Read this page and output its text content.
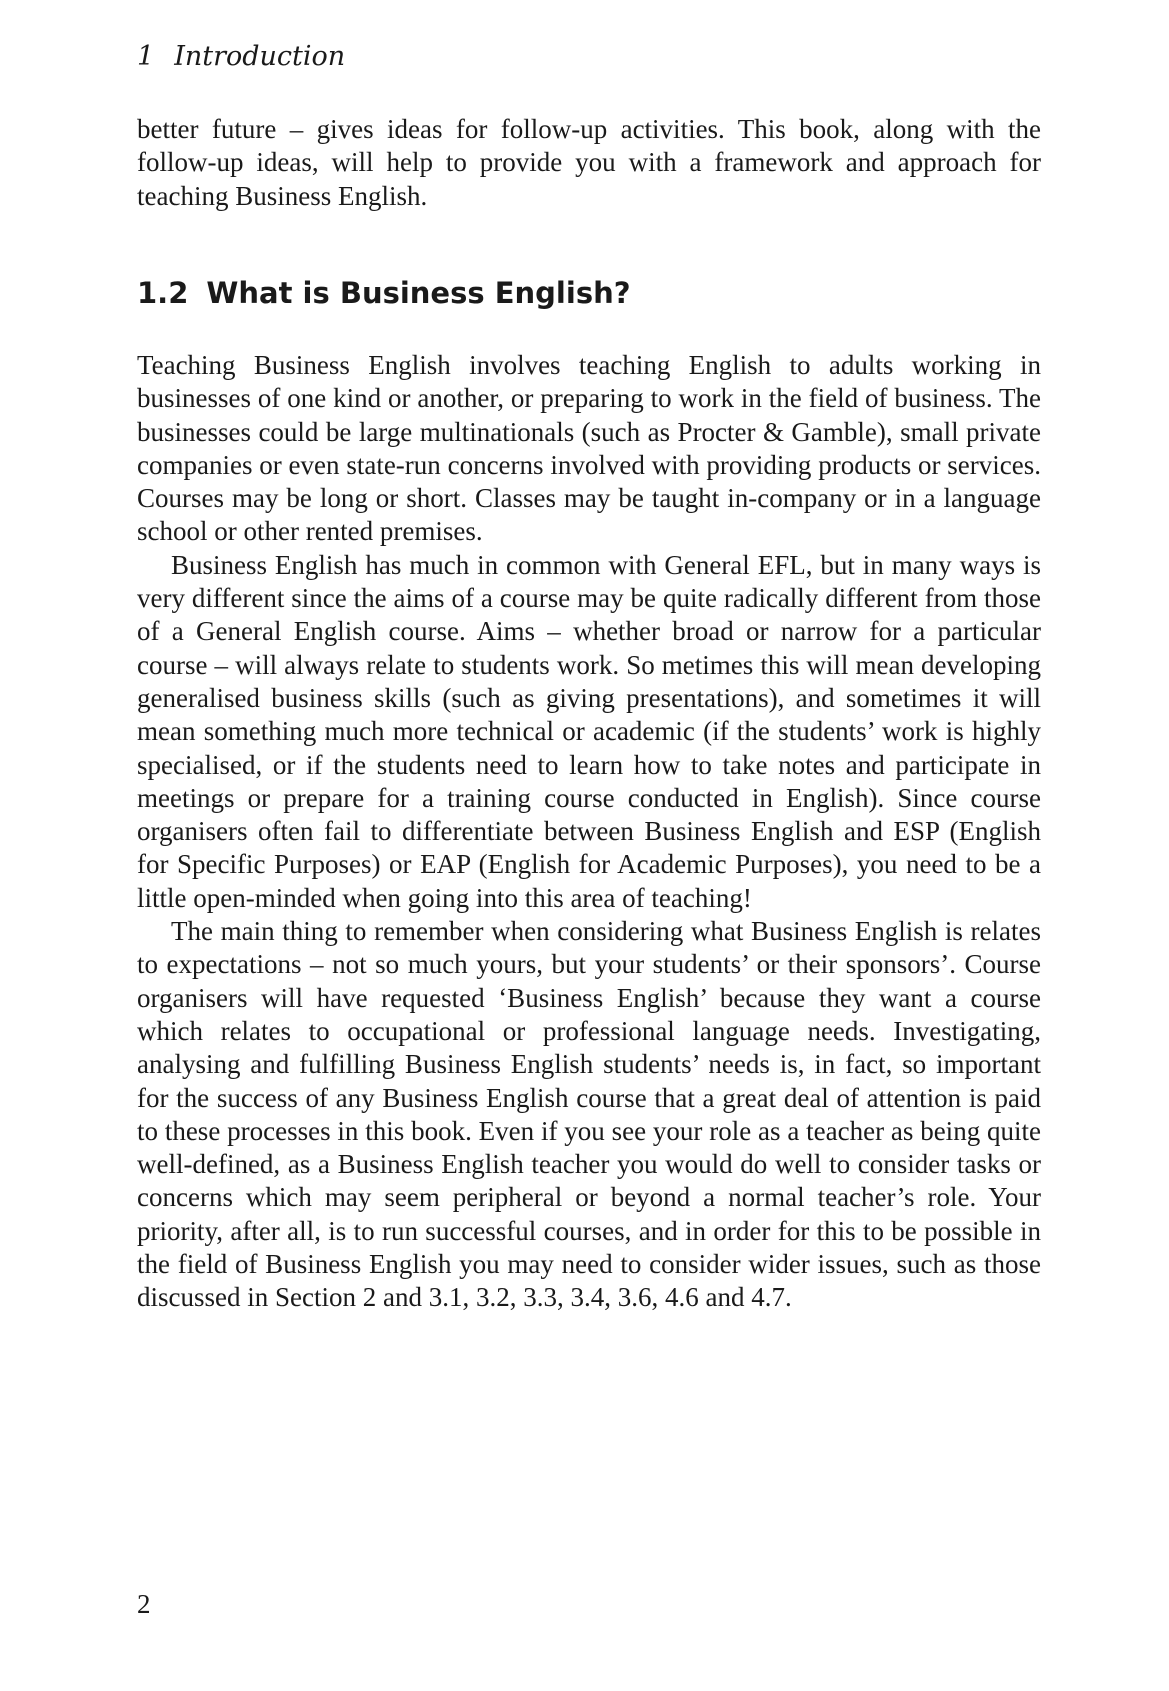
1 Introduction

better future – gives ideas for follow-up activities. This book, along with the follow-up ideas, will help to provide you with a framework and approach for teaching Business English.

1.2 What is Business English?

Teaching Business English involves teaching English to adults working in businesses of one kind or another, or preparing to work in the field of business. The businesses could be large multinationals (such as Procter & Gamble), small private companies or even state-run concerns involved with providing products or services. Courses may be long or short. Classes may be taught in-company or in a language school or other rented premises.

Business English has much in common with General EFL, but in many ways is very different since the aims of a course may be quite radically different from those of a General English course. Aims – whether broad or narrow for a particular course – will always relate to students work. So metimes this will mean developing generalised business skills (such as giving presentations), and sometimes it will mean something much more technical or academic (if the students’ work is highly specialised, or if the students need to learn how to take notes and participate in meetings or prepare for a training course conducted in English). Since course organisers often fail to differentiate between Business English and ESP (English for Specific Purposes) or EAP (English for Academic Purposes), you need to be a little open-minded when going into this area of teaching!

The main thing to remember when considering what Business English is relates to expectations – not so much yours, but your students’ or their sponsors’. Course organisers will have requested ‘Business English’ because they want a course which relates to occupational or professional language needs. Investigating, analysing and fulfilling Business English students’ needs is, in fact, so important for the success of any Business English course that a great deal of attention is paid to these processes in this book. Even if you see your role as a teacher as being quite well-defined, as a Business English teacher you would do well to consider tasks or concerns which may seem peripheral or beyond a normal teacher’s role. Your priority, after all, is to run successful courses, and in order for this to be possible in the field of Business English you may need to consider wider issues, such as those discussed in Section 2 and 3.1, 3.2, 3.3, 3.4, 3.6, 4.6 and 4.7.

2
